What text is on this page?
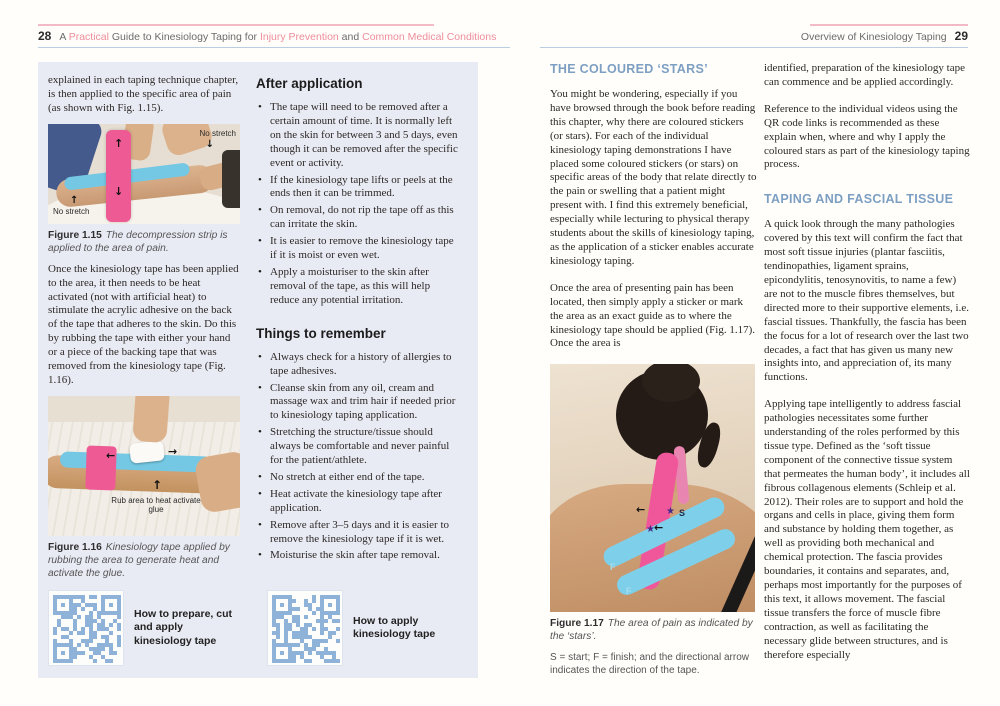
28 A Practical Guide to Kinesiology Taping for Injury Prevention and Common Medical Conditions	Overview of Kinesiology Taping 29

explained in each taping technique chapter, is then applied to the specific area of pain (as shown with Fig. 1.15).

↑
↓
No stretch
↓
No stretch
↑

Figure 1.15 The decompression strip is applied to the area of pain.

Once the kinesiology tape has been applied to the area, it then needs to be heat activated (not with artificial heat) to stimulate the acrylic adhesive on the back of the tape that adheres to the skin. Do this by rubbing the tape with either your hand or a piece of the backing tape that was removed from the kinesiology tape (Fig. 1.16).

←	→
↑
Rub area to heat activate glue

Figure 1.16 Kinesiology tape applied by rubbing the area to generate heat and activate the glue.

After application
• The tape will need to be removed after a certain amount of time. It is normally left on the skin for between 3 and 5 days, even though it can be removed after the specific event or activity.
• If the kinesiology tape lifts or peels at the ends then it can be trimmed.
• On removal, do not rip the tape off as this can irritate the skin.
• It is easier to remove the kinesiology tape if it is moist or even wet.
• Apply a moisturiser to the skin after removal of the tape, as this will help reduce any potential irritation.
Things to remember
• Always check for a history of allergies to tape adhesives.
• Cleanse skin from any oil, cream and massage wax and trim hair if needed prior to kinesiology taping application.
• Stretching the structure/tissue should always be comfortable and never painful for the patient/athlete.
• No stretch at either end of the tape.
• Heat activate the kinesiology tape after application.
• Remove after 3–5 days and it is easier to remove the kinesiology tape if it is wet.
• Moisturise the skin after tape removal.
How to prepare, cut and apply kinesiology tape
How to apply kinesiology tape
THE COLOURED ‘STARS’

You might be wondering, especially if you have browsed through the book before reading this chapter, why there are coloured stickers (or stars). For each of the individual kinesiology taping demonstrations I have placed some coloured stickers (or stars) on specific areas of the body that relate directly to the pain or swelling that a patient might present with. I find this extremely beneficial, especially while lecturing to physical therapy students about the skills of kinesiology taping, as the application of a sticker enables accurate kinesiology taping.

Once the area of presenting pain has been located, then simply apply a sticker or mark the area as an exact guide as to where the kinesiology tape should be applied (Fig. 1.17). Once the area is

←
←
★
★
S
F
F

Figure 1.17 The area of pain as indicated by the ‘stars’.

S = start; F = finish; and the directional arrow indicates the direction of the tape.

identified, preparation of the kinesiology tape can commence and be applied accordingly.

Reference to the individual videos using the QR code links is recommended as these explain when, where and why I apply the coloured stars as part of the kinesiology taping process.

TAPING AND FASCIAL TISSUE

A quick look through the many pathologies covered by this text will confirm the fact that most soft tissue injuries (plantar fasciitis, tendinopathies, ligament sprains, epicondylitis, tenosynovitis, to name a few) are not to the muscle fibres themselves, but directed more to their supportive elements, i.e. fascial tissues. Thankfully, the fascia has been the focus for a lot of research over the last two decades, a fact that has given us many new insights into, and appreciation of, its many functions.

Applying tape intelligently to address fascial pathologies necessitates some further understanding of the roles performed by this tissue type. Defined as the ‘soft tissue component of the connective tissue system that permeates the human body’, it includes all fibrous collagenous elements (Schleip et al. 2012). Their roles are to support and hold the organs and cells in place, giving them form and substance by holding them together, as well as providing both mechanical and chemical protection. The fascia provides boundaries, it contains and separates, and, perhaps most importantly for the purposes of this text, it allows movement. The fascial tissue transfers the force of muscle fibre contraction, as well as facilitating the necessary glide between structures, and is therefore especially
